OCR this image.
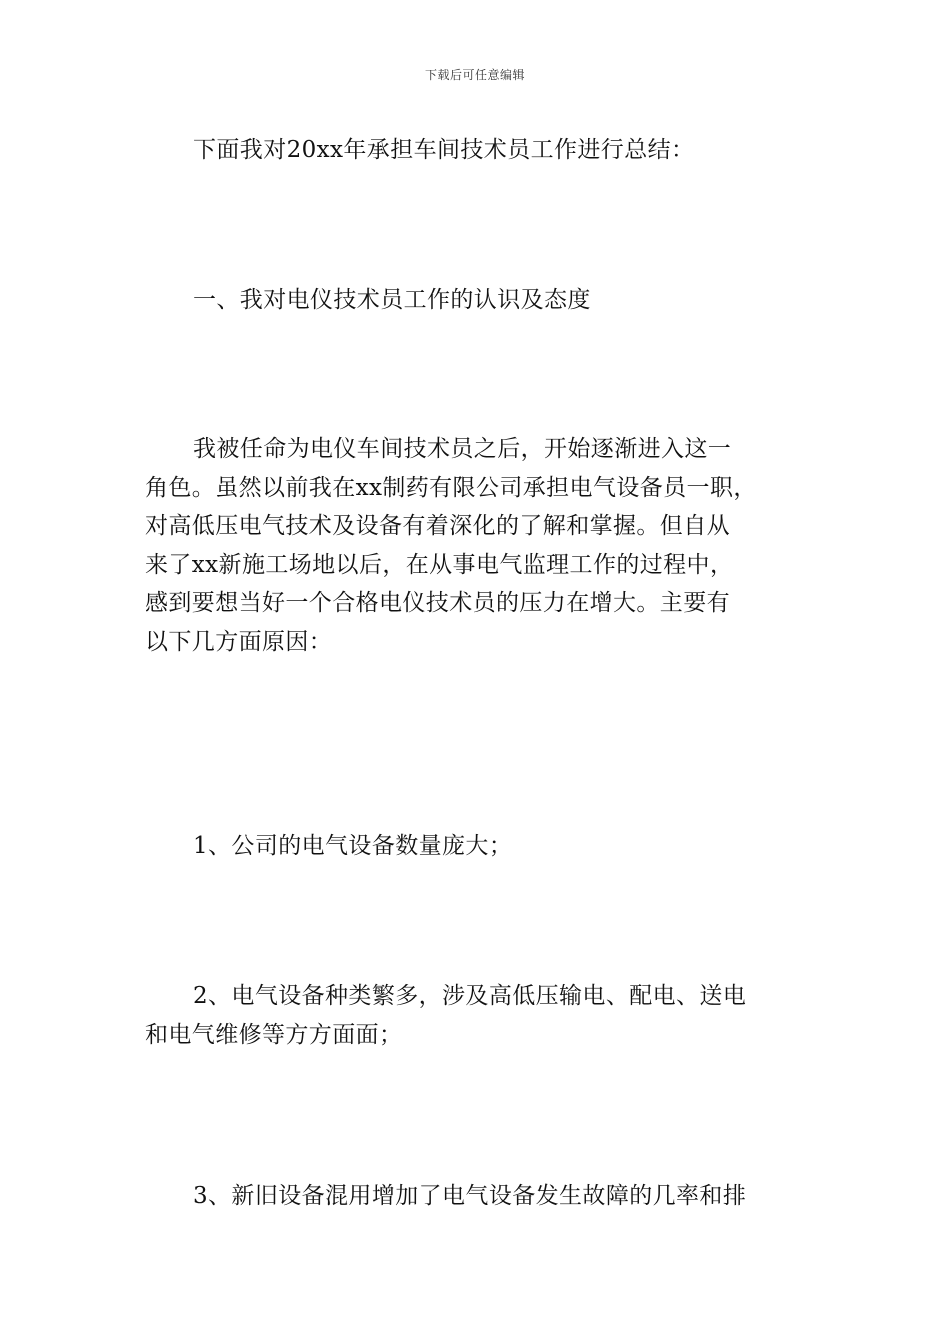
下载后可任意编辑
下面我对20xx年承担车间技术员工作进行总结：
一、我对电仪技术员工作的认识及态度
我被任命为电仪车间技术员之后，开始逐渐进入这一
角色。虽然以前我在xx制药有限公司承担电气设备员一职，
对高低压电气技术及设备有着深化的了解和掌握。但自从
来了xx新施工场地以后，在从事电气监理工作的过程中，
感到要想当好一个合格电仪技术员的压力在增大。主要有
以下几方面原因：
1、公司的电气设备数量庞大；
2、电气设备种类繁多，涉及高低压输电、配电、送电
和电气维修等方方面面；
3、新旧设备混用增加了电气设备发生故障的几率和排
